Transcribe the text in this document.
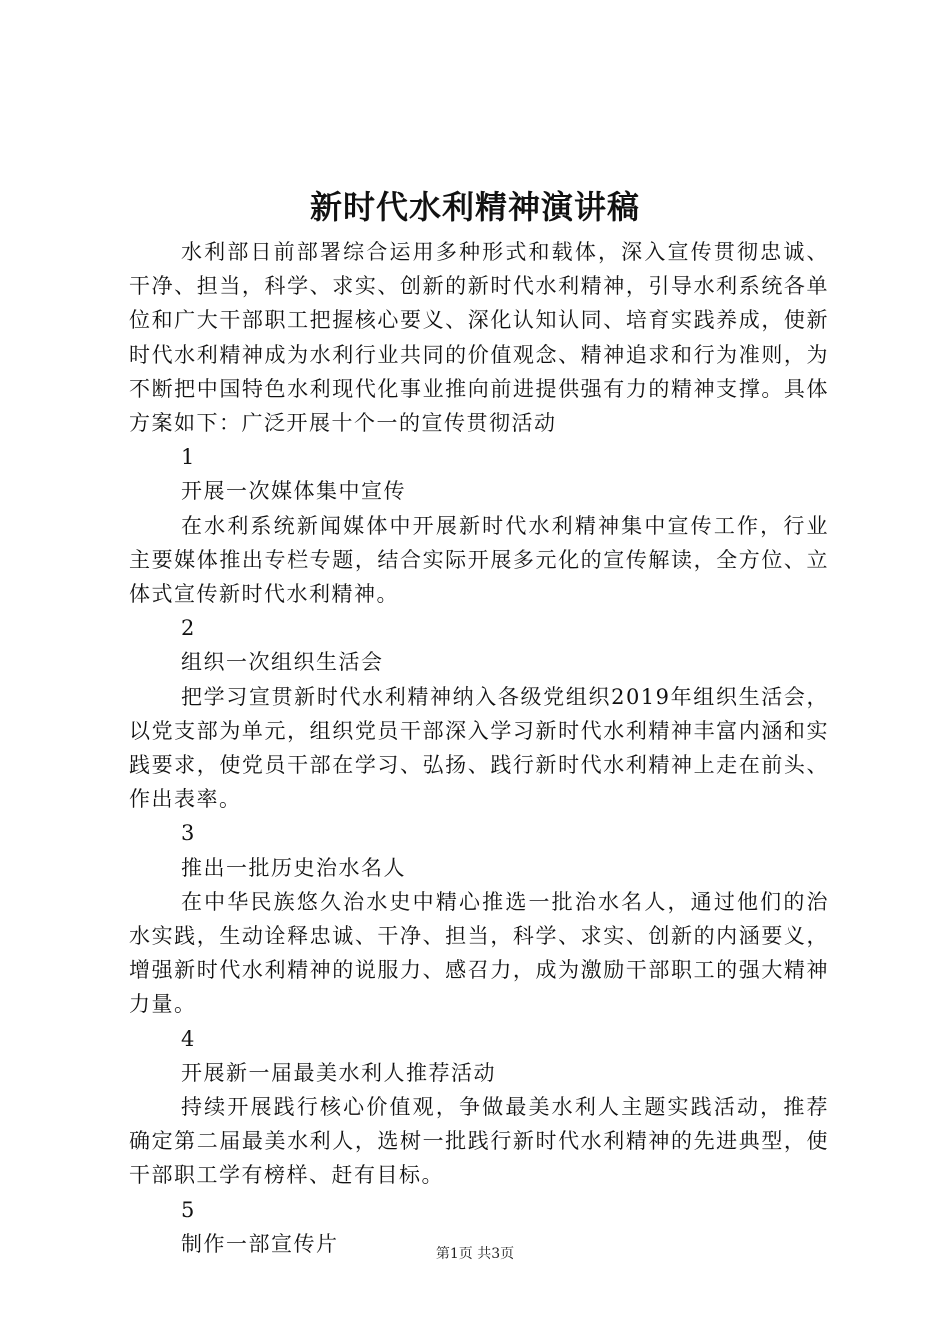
新时代水利精神演讲稿

水利部日前部署综合运用多种形式和载体，深入宣传贯彻忠诚、干净、担当，科学、求实、创新的新时代水利精神，引导水利系统各单位和广大干部职工把握核心要义、深化认知认同、培育实践养成，使新时代水利精神成为水利行业共同的价值观念、精神追求和行为准则，为不断把中国特色水利现代化事业推向前进提供强有力的精神支撑。具体方案如下：广泛开展十个一的宣传贯彻活动

1

开展一次媒体集中宣传

在水利系统新闻媒体中开展新时代水利精神集中宣传工作，行业主要媒体推出专栏专题，结合实际开展多元化的宣传解读，全方位、立体式宣传新时代水利精神。

2

组织一次组织生活会

把学习宣贯新时代水利精神纳入各级党组织2019年组织生活会，以党支部为单元，组织党员干部深入学习新时代水利精神丰富内涵和实践要求，使党员干部在学习、弘扬、践行新时代水利精神上走在前头、作出表率。

3

推出一批历史治水名人

在中华民族悠久治水史中精心推选一批治水名人，通过他们的治水实践，生动诠释忠诚、干净、担当，科学、求实、创新的内涵要义，增强新时代水利精神的说服力、感召力，成为激励干部职工的强大精神力量。

4

开展新一届最美水利人推荐活动

持续开展践行核心价值观，争做最美水利人主题实践活动，推荐确定第二届最美水利人，选树一批践行新时代水利精神的先进典型，使干部职工学有榜样、赶有目标。

5

制作一部宣传片	第1页 共3页
